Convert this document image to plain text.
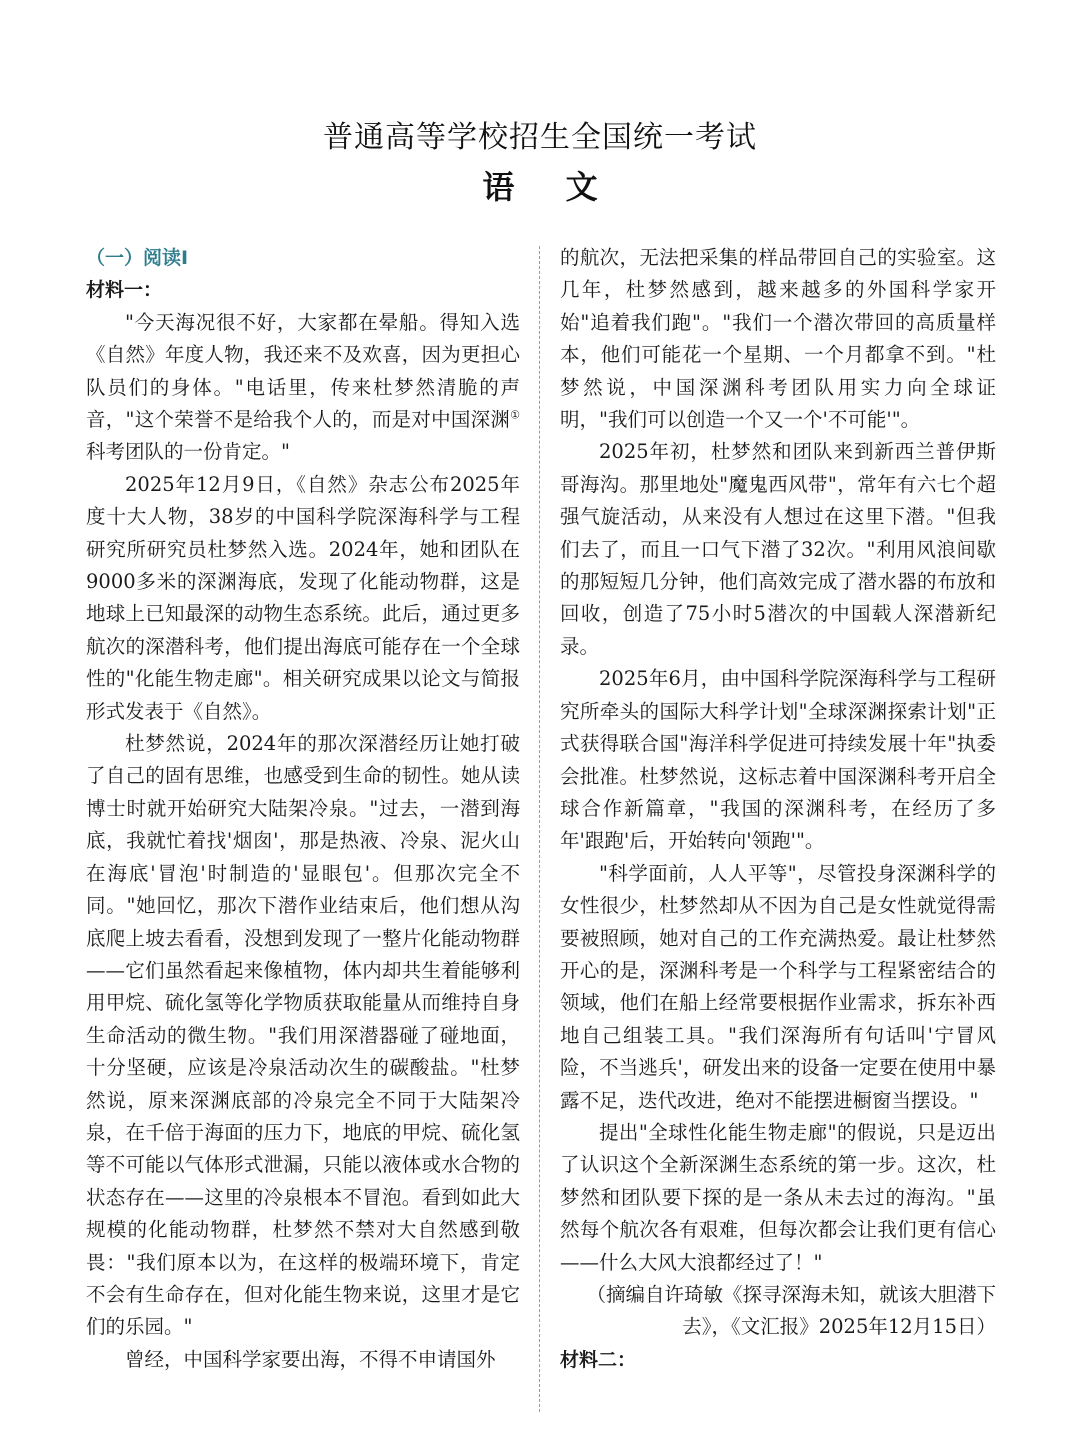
普通高等学校招生全国统一考试
语 文
（一）阅读Ⅰ
材料一：

"今天海况很不好，大家都在晕船。得知入选《自然》年度人物，我还来不及欢喜，因为更担心队员们的身体。"电话里，传来杜梦然清脆的声音，"这个荣誉不是给我个人的，而是对中国深渊①科考团队的一份肯定。"

2025年12月9日，《自然》杂志公布2025年度十大人物，38岁的中国科学院深海科学与工程研究所研究员杜梦然入选。2024年，她和团队在9000多米的深渊海底，发现了化能动物群，这是地球上已知最深的动物生态系统。此后，通过更多航次的深潜科考，他们提出海底可能存在一个全球性的"化能生物走廊"。相关研究成果以论文与简报形式发表于《自然》。

杜梦然说，2024年的那次深潜经历让她打破了自己的固有思维，也感受到生命的韧性。她从读博士时就开始研究大陆架冷泉。"过去，一潜到海底，我就忙着找'烟囱'，那是热液、冷泉、泥火山在海底'冒泡'时制造的'显眼包'。但那次完全不同。"她回忆，那次下潜作业结束后，他们想从沟底爬上坡去看看，没想到发现了一整片化能动物群——它们虽然看起来像植物，体内却共生着能够利用甲烷、硫化氢等化学物质获取能量从而维持自身生命活动的微生物。"我们用深潜器碰了碰地面，十分坚硬，应该是冷泉活动次生的碳酸盐。"杜梦然说，原来深渊底部的冷泉完全不同于大陆架冷泉，在千倍于海面的压力下，地底的甲烷、硫化氢等不可能以气体形式泄漏，只能以液体或水合物的状态存在——这里的冷泉根本不冒泡。看到如此大规模的化能动物群，杜梦然不禁对大自然感到敬畏："我们原本以为，在这样的极端环境下，肯定不会有生命存在，但对化能生物来说，这里才是它们的乐园。"

曾经，中国科学家要出海，不得不申请国外

的航次，无法把采集的样品带回自己的实验室。这几年，杜梦然感到，越来越多的外国科学家开始"追着我们跑"。"我们一个潜次带回的高质量样本，他们可能花一个星期、一个月都拿不到。"杜梦然说，中国深渊科考团队用实力向全球证明，"我们可以创造一个又一个'不可能'"。

2025年初，杜梦然和团队来到新西兰普伊斯哥海沟。那里地处"魔鬼西风带"，常年有六七个超强气旋活动，从来没有人想过在这里下潜。"但我们去了，而且一口气下潜了32次。"利用风浪间歇的那短短几分钟，他们高效完成了潜水器的布放和回收，创造了75小时5潜次的中国载人深潜新纪录。

2025年6月，由中国科学院深海科学与工程研究所牵头的国际大科学计划"全球深渊探索计划"正式获得联合国"海洋科学促进可持续发展十年"执委会批准。杜梦然说，这标志着中国深渊科考开启全球合作新篇章，"我国的深渊科考，在经历了多年'跟跑'后，开始转向'领跑'"。

"科学面前，人人平等"，尽管投身深渊科学的女性很少，杜梦然却从不因为自己是女性就觉得需要被照顾，她对自己的工作充满热爱。最让杜梦然开心的是，深渊科考是一个科学与工程紧密结合的领域，他们在船上经常要根据作业需求，拆东补西地自己组装工具。"我们深海所有句话叫'宁冒风险，不当逃兵'，研发出来的设备一定要在使用中暴露不足，迭代改进，绝对不能摆进橱窗当摆设。"

提出"全球性化能生物走廊"的假说，只是迈出了认识这个全新深渊生态系统的第一步。这次，杜梦然和团队要下探的是一条从未去过的海沟。"虽然每个航次各有艰难，但每次都会让我们更有信心——什么大风大浪都经过了！"

（摘编自许琦敏《探寻深海未知，就该大胆潜下去》，《文汇报》2025年12月15日）

材料二：
